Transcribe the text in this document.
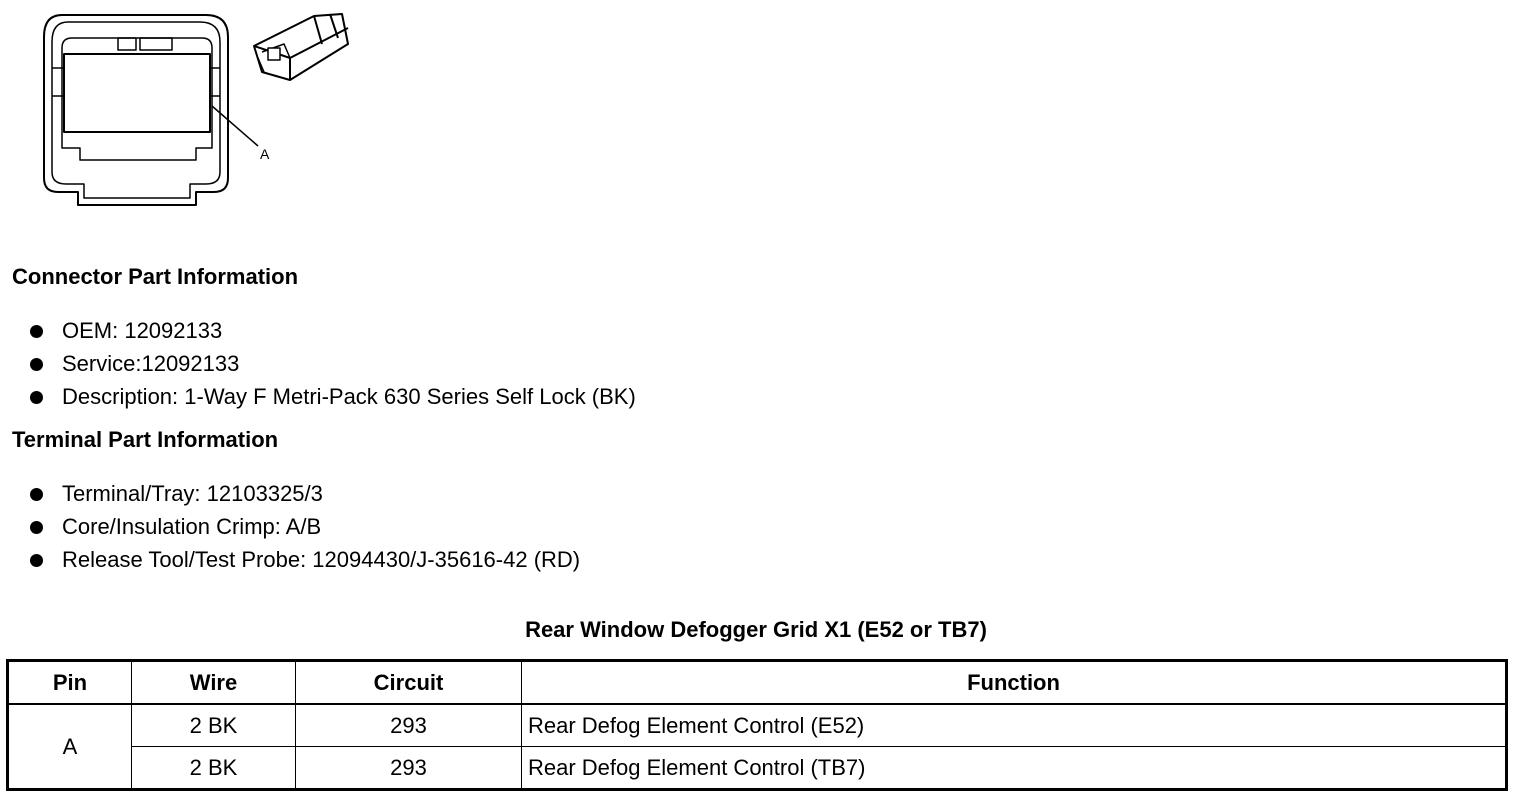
A
Connector Part Information
OEM: 12092133
Service:12092133
Description: 1-Way F Metri-Pack 630 Series Self Lock (BK)
Terminal Part Information
Terminal/Tray: 12103325/3
Core/Insulation Crimp: A/B
Release Tool/Test Probe: 12094430/J-35616-42 (RD)
Rear Window Defogger Grid X1 (E52 or TB7)
Pin	Wire	Circuit	Function
A	2 BK	293	Rear Defog Element Control (E52)
	2 BK	293	Rear Defog Element Control (TB7)
